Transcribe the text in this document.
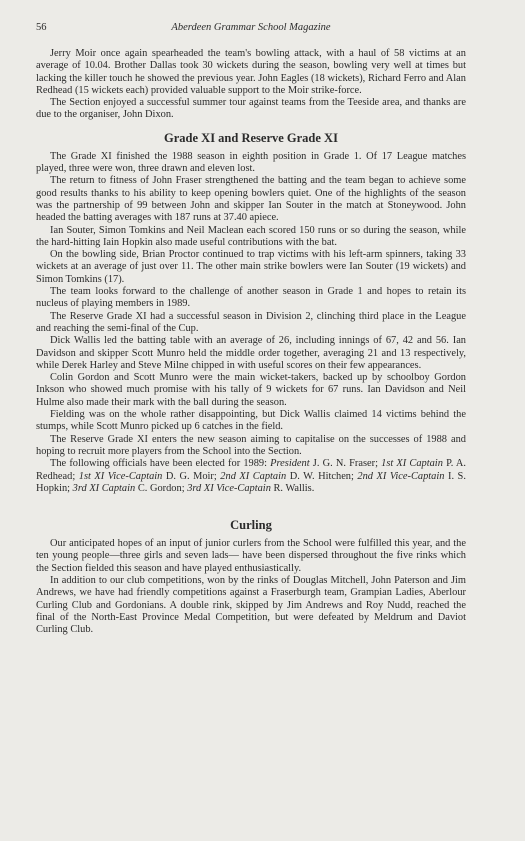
56	Aberdeen Grammar School Magazine

Jerry Moir once again spearheaded the team's bowling attack, with a haul of 58 victims at an average of 10.04. Brother Dallas took 30 wickets during the season, bowling very well at times but lacking the killer touch he showed the previous year. John Eagles (18 wickets), Richard Ferro and Alan Redhead (15 wickets each) provided valuable support to the Moir strike-force.

The Section enjoyed a successful summer tour against teams from the Teeside area, and thanks are due to the organiser, John Dixon.

Grade XI and Reserve Grade XI

The Grade XI finished the 1988 season in eighth position in Grade 1. Of 17 League matches played, three were won, three drawn and eleven lost.

The return to fitness of John Fraser strengthened the batting and the team began to achieve some good results thanks to his ability to keep opening bowlers quiet. One of the highlights of the season was the partnership of 99 between John and skipper Ian Souter in the match at Stoneywood. John headed the batting averages with 187 runs at 37.40 apiece.

Ian Souter, Simon Tomkins and Neil Maclean each scored 150 runs or so during the season, while the hard-hitting Iain Hopkin also made useful contributions with the bat.

On the bowling side, Brian Proctor continued to trap victims with his left-arm spinners, taking 33 wickets at an average of just over 11. The other main strike bowlers were Ian Souter (19 wickets) and Simon Tomkins (17).

The team looks forward to the challenge of another season in Grade 1 and hopes to retain its nucleus of playing members in 1989.

The Reserve Grade XI had a successful season in Division 2, clinching third place in the League and reaching the semi-final of the Cup.

Dick Wallis led the batting table with an average of 26, including innings of 67, 42 and 56. Ian Davidson and skipper Scott Munro held the middle order together, averaging 21 and 13 respectively, while Derek Harley and Steve Milne chipped in with useful scores on their few appearances.

Colin Gordon and Scott Munro were the main wicket-takers, backed up by schoolboy Gordon Inkson who showed much promise with his tally of 9 wickets for 67 runs. Ian Davidson and Neil Hulme also made their mark with the ball during the season.

Fielding was on the whole rather disappointing, but Dick Wallis claimed 14 victims behind the stumps, while Scott Munro picked up 6 catches in the field.

The Reserve Grade XI enters the new season aiming to capitalise on the successes of 1988 and hoping to recruit more players from the School into the Section.

The following officials have been elected for 1989: President J. G. N. Fraser; 1st XI Captain P. A. Redhead; 1st XI Vice-Captain D. G. Moir; 2nd XI Captain D. W. Hitchen; 2nd XI Vice-Captain I. S. Hopkin; 3rd XI Captain C. Gordon; 3rd XI Vice-Captain R. Wallis.

Curling

Our anticipated hopes of an input of junior curlers from the School were fulfilled this year, and the ten young people—three girls and seven lads— have been dispersed throughout the five rinks which the Section fielded this season and have played enthusiastically.

In addition to our club competitions, won by the rinks of Douglas Mitchell, John Paterson and Jim Andrews, we have had friendly competitions against a Fraserburgh team, Grampian Ladies, Aberlour Curling Club and Gordonians. A double rink, skipped by Jim Andrews and Roy Nudd, reached the final of the North-East Province Medal Competition, but were defeated by Meldrum and Daviot Curling Club.
